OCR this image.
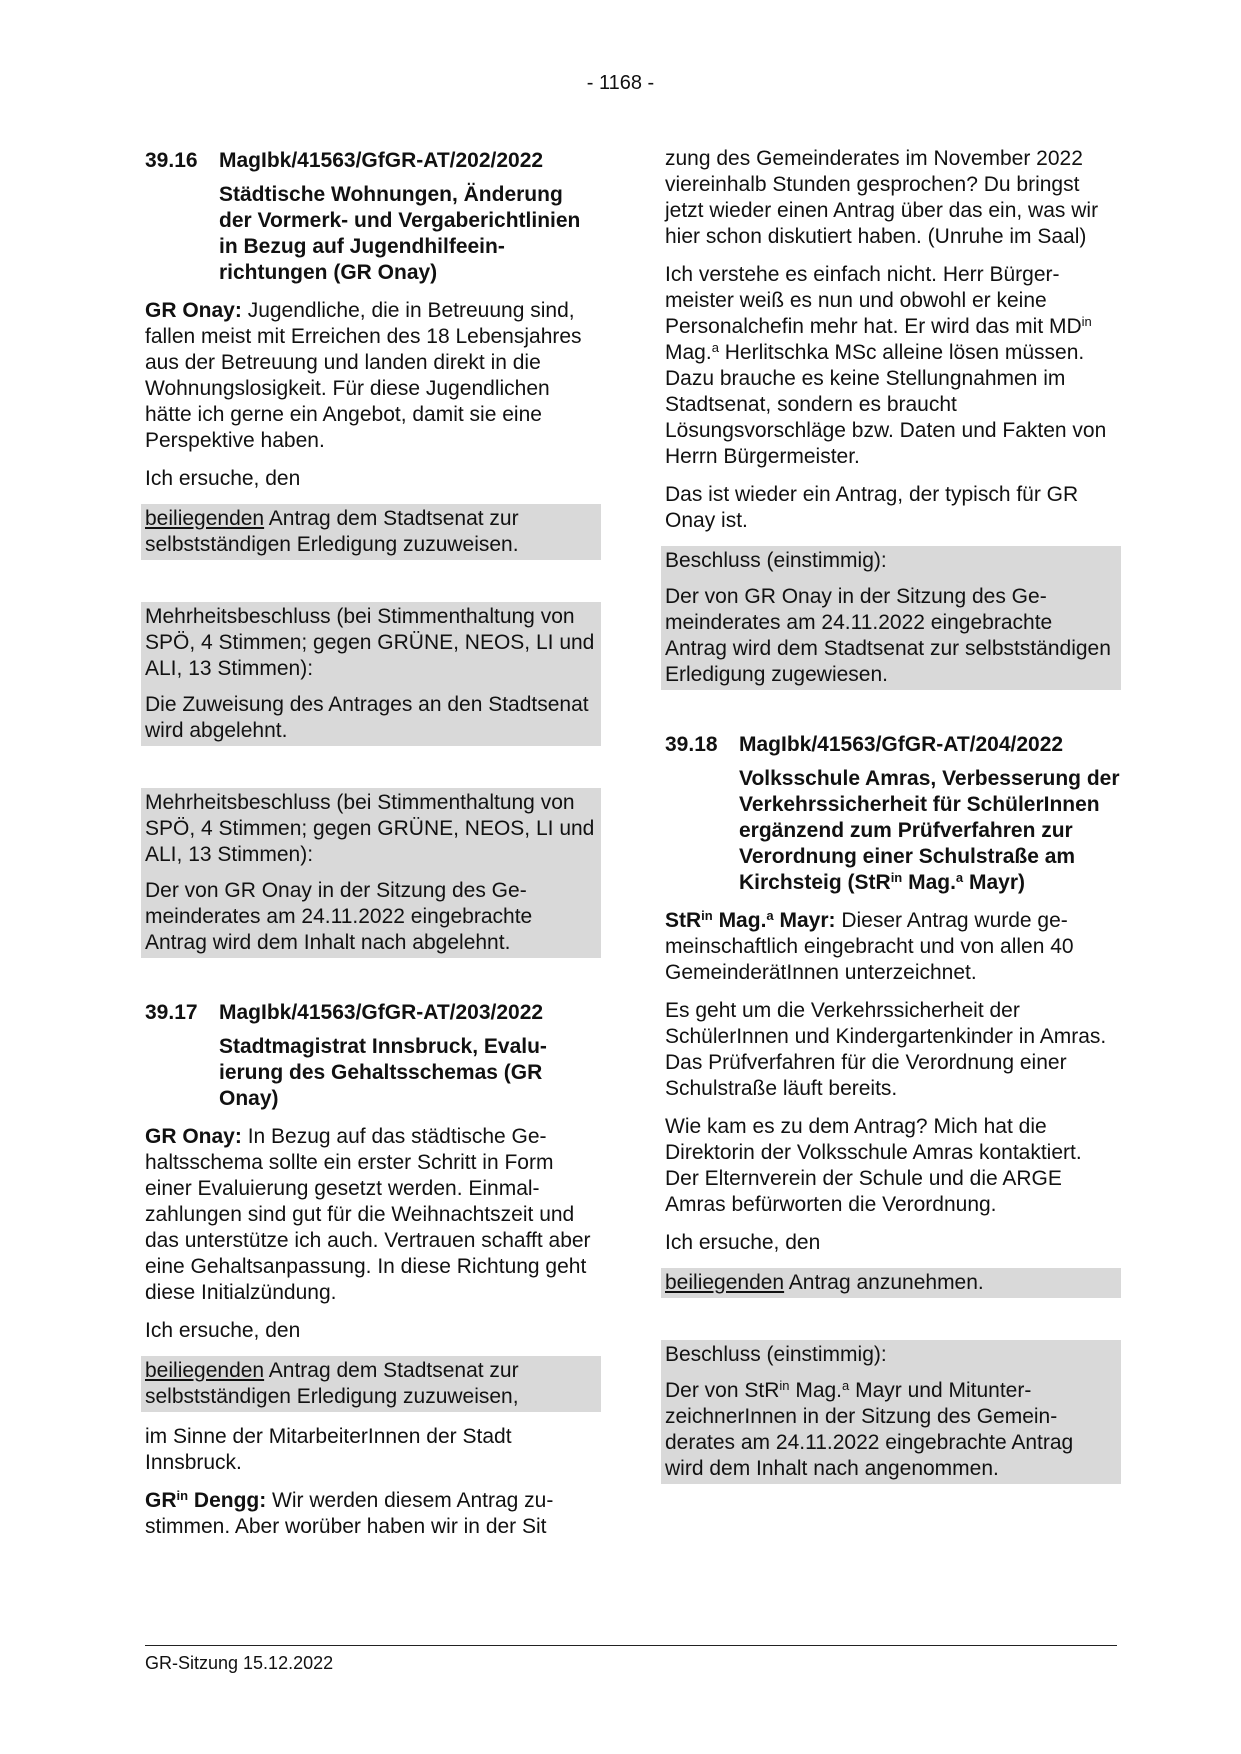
- 1168 -
39.16	MagIbk/41563/GfGR-AT/202/2022
Städtische Wohnungen, Änderung der Vormerk- und Vergaberichtlinien in Bezug auf Jugendhilfeeinrichtungen (GR Onay)

GR Onay: Jugendliche, die in Betreuung sind, fallen meist mit Erreichen des 18 Lebensjahres aus der Betreuung und landen direkt in die Wohnungslosigkeit. Für diese Jugendlichen hätte ich gerne ein Angebot, damit sie eine Perspektive haben.

Ich ersuche, den

beiliegenden Antrag dem Stadtsenat zur selbstständigen Erledigung zuzuweisen.

Mehrheitsbeschluss (bei Stimmenthaltung von SPÖ, 4 Stimmen; gegen GRÜNE, NEOS, LI und ALI, 13 Stimmen):

Die Zuweisung des Antrages an den Stadtsenat wird abgelehnt.

Mehrheitsbeschluss (bei Stimmenthaltung von SPÖ, 4 Stimmen; gegen GRÜNE, NEOS, LI und ALI, 13 Stimmen):

Der von GR Onay in der Sitzung des Gemeinderates am 24.11.2022 eingebrachte Antrag wird dem Inhalt nach abgelehnt.

39.17	MagIbk/41563/GfGR-AT/203/2022
Stadtmagistrat Innsbruck, Evaluierung des Gehaltsschemas (GR Onay)

GR Onay: In Bezug auf das städtische Gehaltsschema sollte ein erster Schritt in Form einer Evaluierung gesetzt werden. Einmalzahlungen sind gut für die Weihnachtszeit und das unterstütze ich auch. Vertrauen schafft aber eine Gehaltsanpassung. In diese Richtung geht diese Initialzündung.

Ich ersuche, den

beiliegenden Antrag dem Stadtsenat zur selbstständigen Erledigung zuzuweisen,

im Sinne der MitarbeiterInnen der Stadt Innsbruck.

$GR^{in}$ Dengg: Wir werden diesem Antrag zustimmen. Aber worüber haben wir in der Sit

zung des Gemeinderates im November 2022 viereinhalb Stunden gesprochen? Du bringst jetzt wieder einen Antrag über das ein, was wir hier schon diskutiert haben. (Unruhe im Saal)

Ich verstehe es einfach nicht. Herr Bürgermeister weiß es nun und obwohl er keine Personalchefin mehr hat. Er wird das mit $MD^{in}$ Mag.$^a$ Herlitschka MSc alleine lösen müssen. Dazu brauche es keine Stellungnahmen im Stadtsenat, sondern es braucht Lösungsvorschläge bzw. Daten und Fakten von Herrn Bürgermeister.

Das ist wieder ein Antrag, der typisch für GR Onay ist.

Beschluss (einstimmig):

Der von GR Onay in der Sitzung des Gemeinderates am 24.11.2022 eingebrachte Antrag wird dem Stadtsenat zur selbstständigen Erledigung zugewiesen.

39.18	MagIbk/41563/GfGR-AT/204/2022
Volksschule Amras, Verbesserung der Verkehrssicherheit für SchülerInnen ergänzend zum Prüfverfahren zur Verordnung einer Schulstraße am Kirchsteig (StR$^{in}$ Mag.$^a$ Mayr)

StR$^{in}$ Mag.$^a$ Mayr: Dieser Antrag wurde gemeinschaftlich eingebracht und von allen 40 GemeinderätInnen unterzeichnet.

Es geht um die Verkehrssicherheit der SchülerInnen und Kindergartenkinder in Amras. Das Prüfverfahren für die Verordnung einer Schulstraße läuft bereits.

Wie kam es zu dem Antrag? Mich hat die Direktorin der Volksschule Amras kontaktiert. Der Elternverein der Schule und die ARGE Amras befürworten die Verordnung.

Ich ersuche, den

beiliegenden Antrag anzunehmen.

Beschluss (einstimmig):

Der von StR$^{in}$ Mag.$^a$ Mayr und MitunterzeichnerInnen in der Sitzung des Gemeinderates am 24.11.2022 eingebrachte Antrag wird dem Inhalt nach angenommen.

GR-Sitzung 15.12.2022
